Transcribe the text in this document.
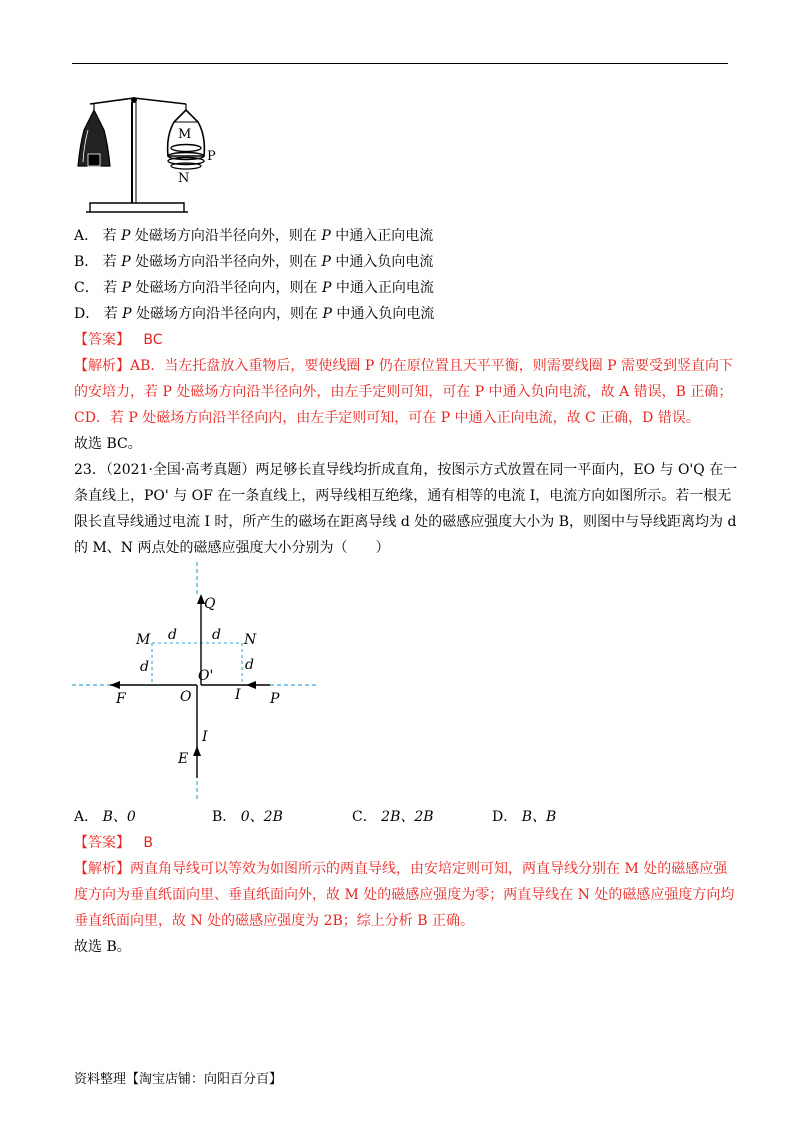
M
P
N
A． 若 P 处磁场方向沿半径向外，则在 P 中通入正向电流
B． 若 P 处磁场方向沿半径向外，则在 P 中通入负向电流
C． 若 P 处磁场方向沿半径向内，则在 P 中通入正向电流
D． 若 P 处磁场方向沿半径向内，则在 P 中通入负向电流
【答案】 BC
【解析】AB．当左托盘放入重物后，要使线圈 P 仍在原位置且天平平衡，则需要线圈 P 需要受到竖直向下
的安培力，若 P 处磁场方向沿半径向外，由左手定则可知，可在 P 中通入负向电流，故 A 错误，B 正确；
CD．若 P 处磁场方向沿半径向内，由左手定则可知，可在 P 中通入正向电流，故 C 正确，D 错误。
故选 BC。
23．（2021·全国·高考真题）两足够长直导线均折成直角，按图示方式放置在同一平面内，EO 与 O'Q 在一
条直线上，PO' 与 OF 在一条直线上，两导线相互绝缘，通有相等的电流 I，电流方向如图所示。若一根无
限长直导线通过电流 I 时，所产生的磁场在距离导线 d 处的磁感应强度大小为 B，则图中与导线距离均为 d
的 M、N 两点处的磁感应强度大小分别为（　　）
Q
M	N
d	d
d	d
O'
F	O	I P
I
E
A． B、0	B． 0、2B	C． 2B、2B	D． B、B
【答案】 B
【解析】两直角导线可以等效为如图所示的两直导线，由安培定则可知，两直导线分别在 M 处的磁感应强
度方向为垂直纸面向里、垂直纸面向外，故 M 处的磁感应强度为零；两直导线在 N 处的磁感应强度方向均
垂直纸面向里，故 N 处的磁感应强度为 2B；综上分析 B 正确。
故选 B。
资料整理【淘宝店铺：向阳百分百】
